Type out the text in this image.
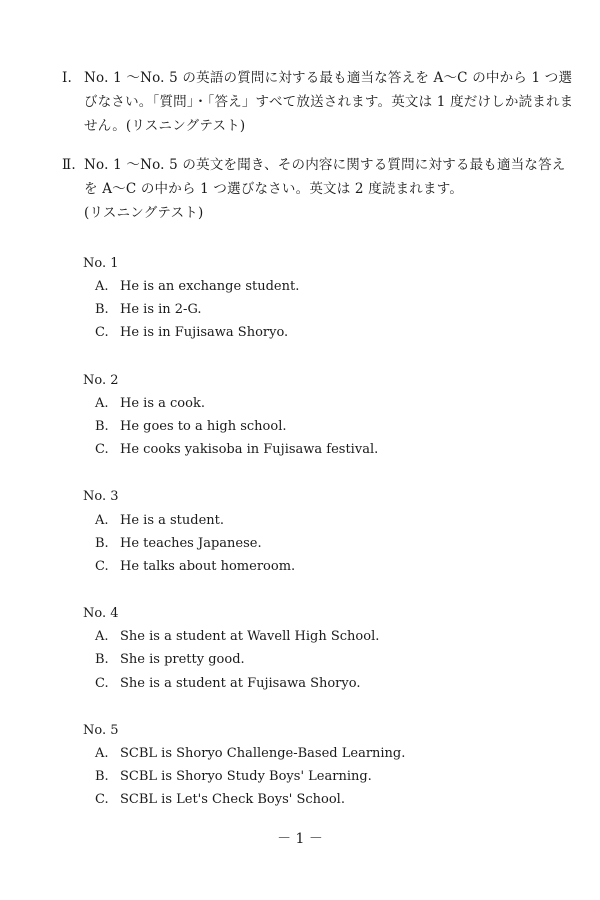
Ⅰ. No. 1 ～No. 5 の英語の質問に対する最も適当な答えを A～C の中から 1 つ選
びなさい。「質問」・「答え」すべて放送されます。英文は 1 度だけしか読まれま
せん。(リスニングテスト)
Ⅱ. No. 1 ～No. 5 の英文を聞き、その内容に関する質問に対する最も適当な答え
を A～C の中から 1 つ選びなさい。英文は 2 度読まれます。
(リスニングテスト)
No. 1
A. He is an exchange student.
B. He is in 2-G.
C. He is in Fujisawa Shoryo.
No. 2
A. He is a cook.
B. He goes to a high school.
C. He cooks yakisoba in Fujisawa festival.
No. 3
A. He is a student.
B. He teaches Japanese.
C. He talks about homeroom.
No. 4
A. She is a student at Wavell High School.
B. She is pretty good.
C. She is a student at Fujisawa Shoryo.
No. 5
A. SCBL is Shoryo Challenge-Based Learning.
B. SCBL is Shoryo Study Boys' Learning.
C. SCBL is Let's Check Boys' School.
－ 1 －
